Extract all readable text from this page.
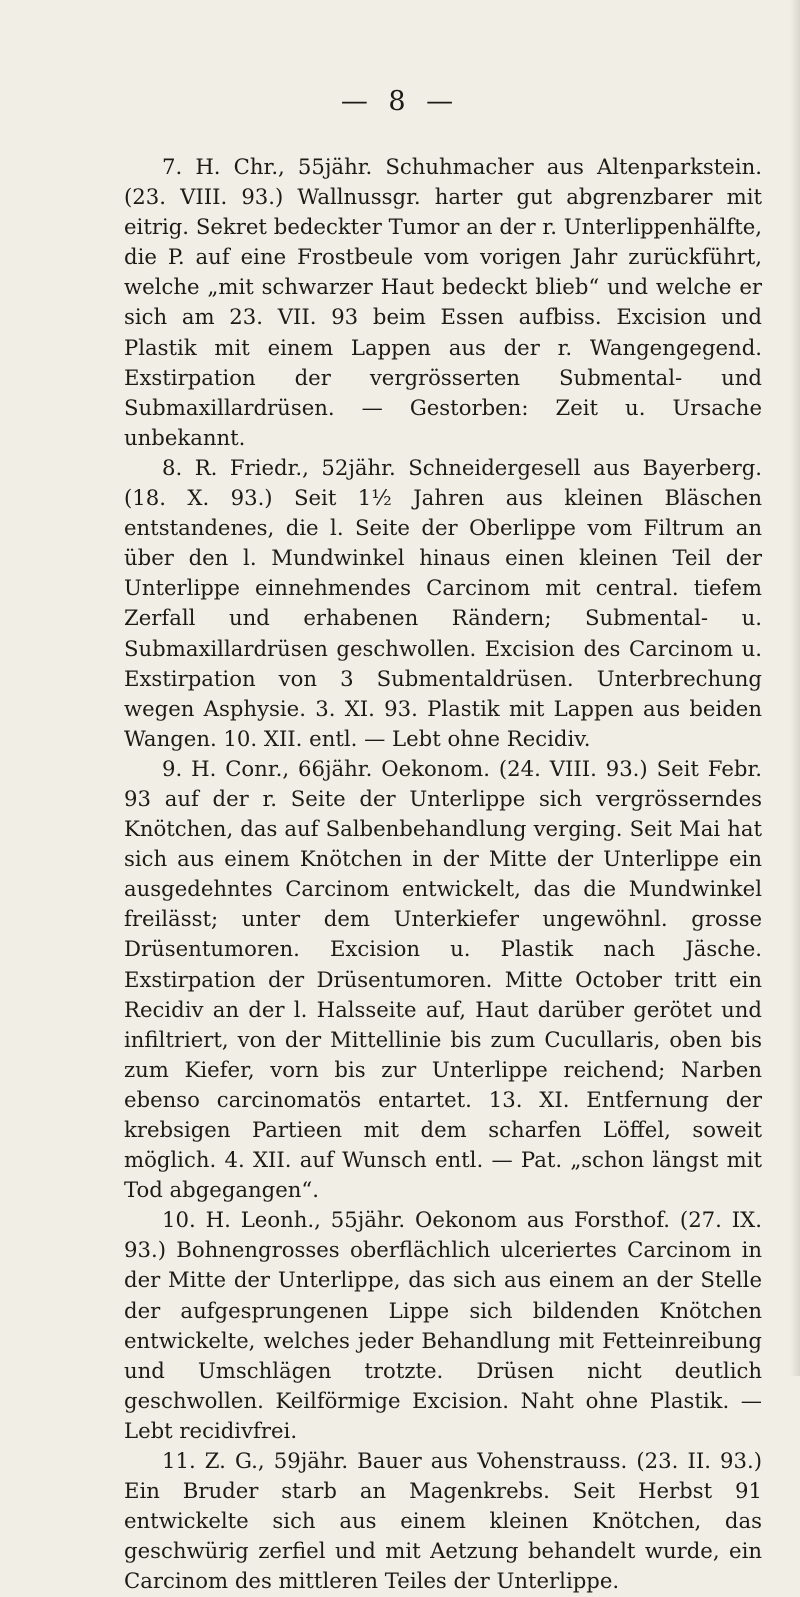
— 8 —

7. H. Chr., 55jähr. Schuhmacher aus Altenparkstein. (23. VIII. 93.) Wallnussgr. harter gut abgrenzbarer mit eitrig. Sekret bedeckter Tumor an der r. Unterlippenhälfte, die P. auf eine Frostbeule vom vorigen Jahr zurückführt, welche „mit schwarzer Haut bedeckt blieb“ und welche er sich am 23. VII. 93 beim Essen aufbiss. Excision und Plastik mit einem Lappen aus der r. Wangengegend. Exstirpation der vergrösserten Submental- und Submaxillardrüsen. — Gestorben: Zeit u. Ursache unbekannt.

8. R. Friedr., 52jähr. Schneidergesell aus Bayerberg. (18. X. 93.) Seit 1½ Jahren aus kleinen Bläschen entstandenes, die l. Seite der Oberlippe vom Filtrum an über den l. Mundwinkel hinaus einen kleinen Teil der Unterlippe einnehmendes Carcinom mit central. tiefem Zerfall und erhabenen Rändern; Submental- u. Submaxillardrüsen geschwollen. Excision des Carcinom u. Exstirpation von 3 Submentaldrüsen. Unterbrechung wegen Asphysie. 3. XI. 93. Plastik mit Lappen aus beiden Wangen. 10. XII. entl. — Lebt ohne Recidiv.

9. H. Conr., 66jähr. Oekonom. (24. VIII. 93.) Seit Febr. 93 auf der r. Seite der Unterlippe sich vergrösserndes Knötchen, das auf Salbenbehandlung verging. Seit Mai hat sich aus einem Knötchen in der Mitte der Unterlippe ein ausgedehntes Carcinom entwickelt, das die Mundwinkel freilässt; unter dem Unterkiefer ungewöhnl. grosse Drüsentumoren. Excision u. Plastik nach Jäsche. Exstirpation der Drüsentumoren. Mitte October tritt ein Recidiv an der l. Halsseite auf, Haut darüber gerötet und infiltriert, von der Mittellinie bis zum Cucullaris, oben bis zum Kiefer, vorn bis zur Unterlippe reichend; Narben ebenso carcinomatös entartet. 13. XI. Entfernung der krebsigen Partieen mit dem scharfen Löffel, soweit möglich. 4. XII. auf Wunsch entl. — Pat. „schon längst mit Tod abgegangen“.

10. H. Leonh., 55jähr. Oekonom aus Forsthof. (27. IX. 93.) Bohnengrosses oberflächlich ulceriertes Carcinom in der Mitte der Unterlippe, das sich aus einem an der Stelle der aufgesprungenen Lippe sich bildenden Knötchen entwickelte, welches jeder Behandlung mit Fetteinreibung und Umschlägen trotzte. Drüsen nicht deutlich geschwollen. Keilförmige Excision. Naht ohne Plastik. — Lebt recidivfrei.

11. Z. G., 59jähr. Bauer aus Vohenstrauss. (23. II. 93.) Ein Bruder starb an Magenkrebs. Seit Herbst 91 entwickelte sich aus einem kleinen Knötchen, das geschwürig zerfiel und mit Aetzung behandelt wurde, ein Carcinom des mittleren Teiles der Unterlippe.
